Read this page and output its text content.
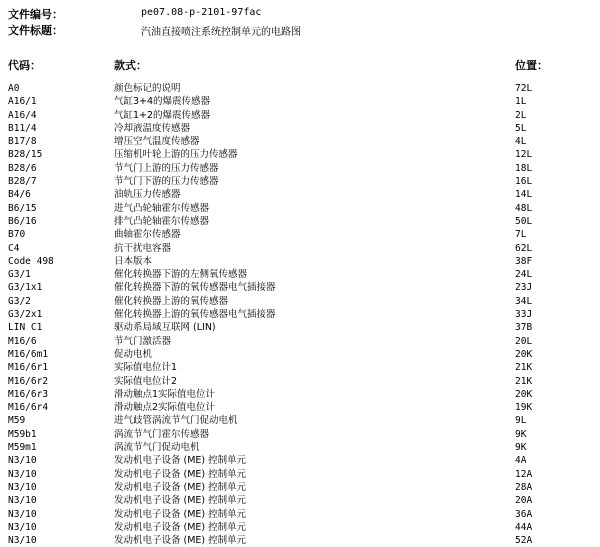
文件编号：	pe07.08-p-2101-97fac
文件标题：	汽油直接喷注系统控制单元的电路图
代码：	款式：	位置：
A0	颜色标记的说明	72L
A16/1	气缸3+4的爆震传感器	1L
A16/4	气缸1+2的爆震传感器	2L
B11/4	冷却液温度传感器	5L
B17/8	增压空气温度传感器	4L
B28/15	压缩机叶轮上游的压力传感器	12L
B28/6	节气门上游的压力传感器	18L
B28/7	节气门下游的压力传感器	16L
B4/6	油轨压力传感器	14L
B6/15	进气凸轮轴霍尔传感器	48L
B6/16	排气凸轮轴霍尔传感器	50L
B70	曲轴霍尔传感器	7L
C4	抗干扰电容器	62L
Code 498	日本版本	38F
G3/1	催化转换器下游的左侧氧传感器	24L
G3/1x1	催化转换器下游的氧传感器电气插接器	23J
G3/2	催化转换器上游的氧传感器	34L
G3/2x1	催化转换器上游的氧传感器电气插接器	33J
LIN C1	驱动系局域互联网 (LIN)	37B
M16/6	节气门激活器	20L
M16/6m1	促动电机	20K
M16/6r1	实际值电位计1	21K
M16/6r2	实际值电位计2	21K
M16/6r3	滑动触点1实际值电位计	20K
M16/6r4	滑动触点2实际值电位计	19K
M59	进气歧管涡流节气门促动电机	9L
M59b1	涡流节气门霍尔传感器	9K
M59m1	涡流节气门促动电机	9K
N3/10	发动机电子设备 (ME) 控制单元	4A
N3/10	发动机电子设备 (ME) 控制单元	12A
N3/10	发动机电子设备 (ME) 控制单元	28A
N3/10	发动机电子设备 (ME) 控制单元	20A
N3/10	发动机电子设备 (ME) 控制单元	36A
N3/10	发动机电子设备 (ME) 控制单元	44A
N3/10	发动机电子设备 (ME) 控制单元	52A
